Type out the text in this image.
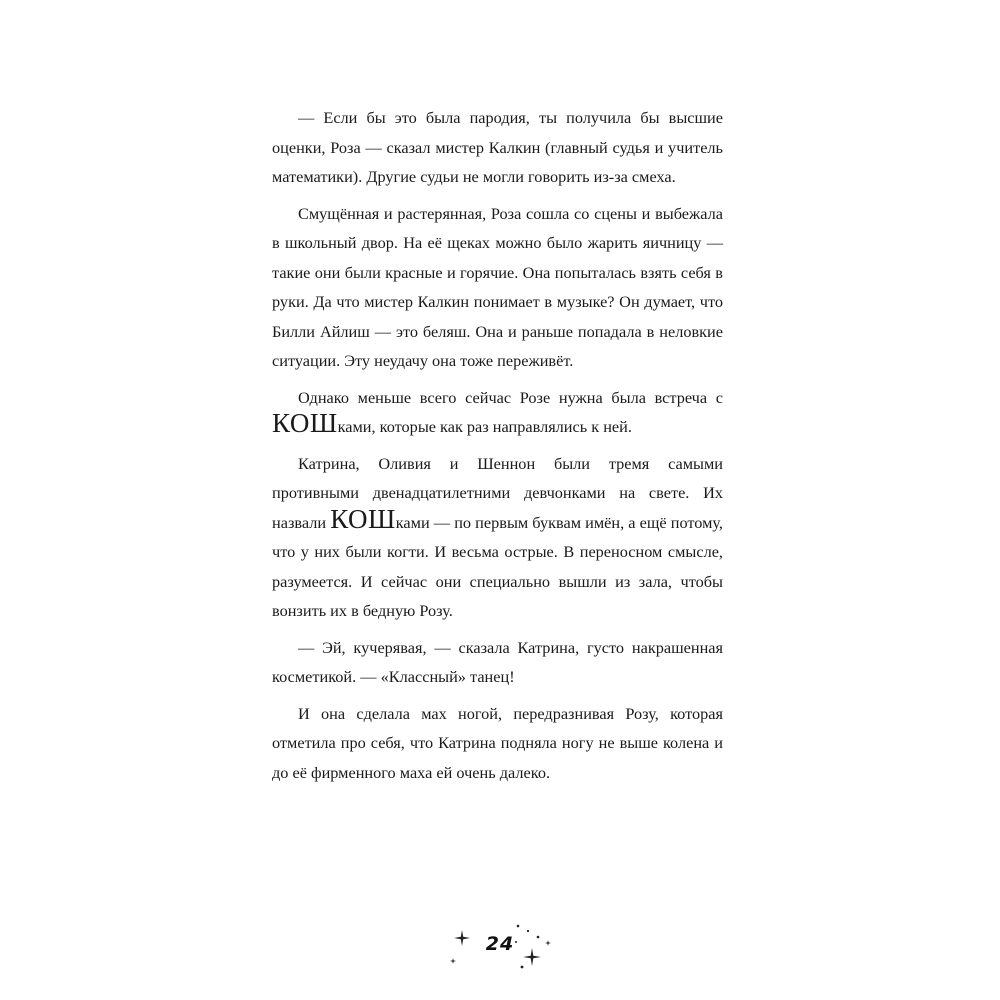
— Если бы это была пародия, ты получила бы высшие оценки, Роза — сказал мистер Калкин (главный судья и учитель математики). Другие судьи не могли говорить из-за смеха.

Смущённая и растерянная, Роза сошла со сцены и выбежала в школьный двор. На её щеках можно было жарить яичницу — такие они были красные и горячие. Она попыталась взять себя в руки. Да что мистер Калкин понимает в музыке? Он думает, что Билли Айлиш — это беляш. Она и раньше попадала в неловкие ситуации. Эту неудачу она тоже переживёт.

Однако меньше всего сейчас Розе нужна была встреча с КОШками, которые как раз направлялись к ней.

Катрина, Оливия и Шеннон были тремя самыми противными двенадцатилетними девчонками на свете. Их назвали КОШками — по первым буквам имён, а ещё потому, что у них были когти. И весьма острые. В переносном смысле, разумеется. И сейчас они специально вышли из зала, чтобы вонзить их в бедную Розу.

— Эй, кучерявая, — сказала Катрина, густо накрашенная косметикой. — «Классный» танец!

И она сделала мах ногой, передразнивая Розу, которая отметила про себя, что Катрина подняла ногу не выше колена и до её фирменного маха ей очень далеко.

24
